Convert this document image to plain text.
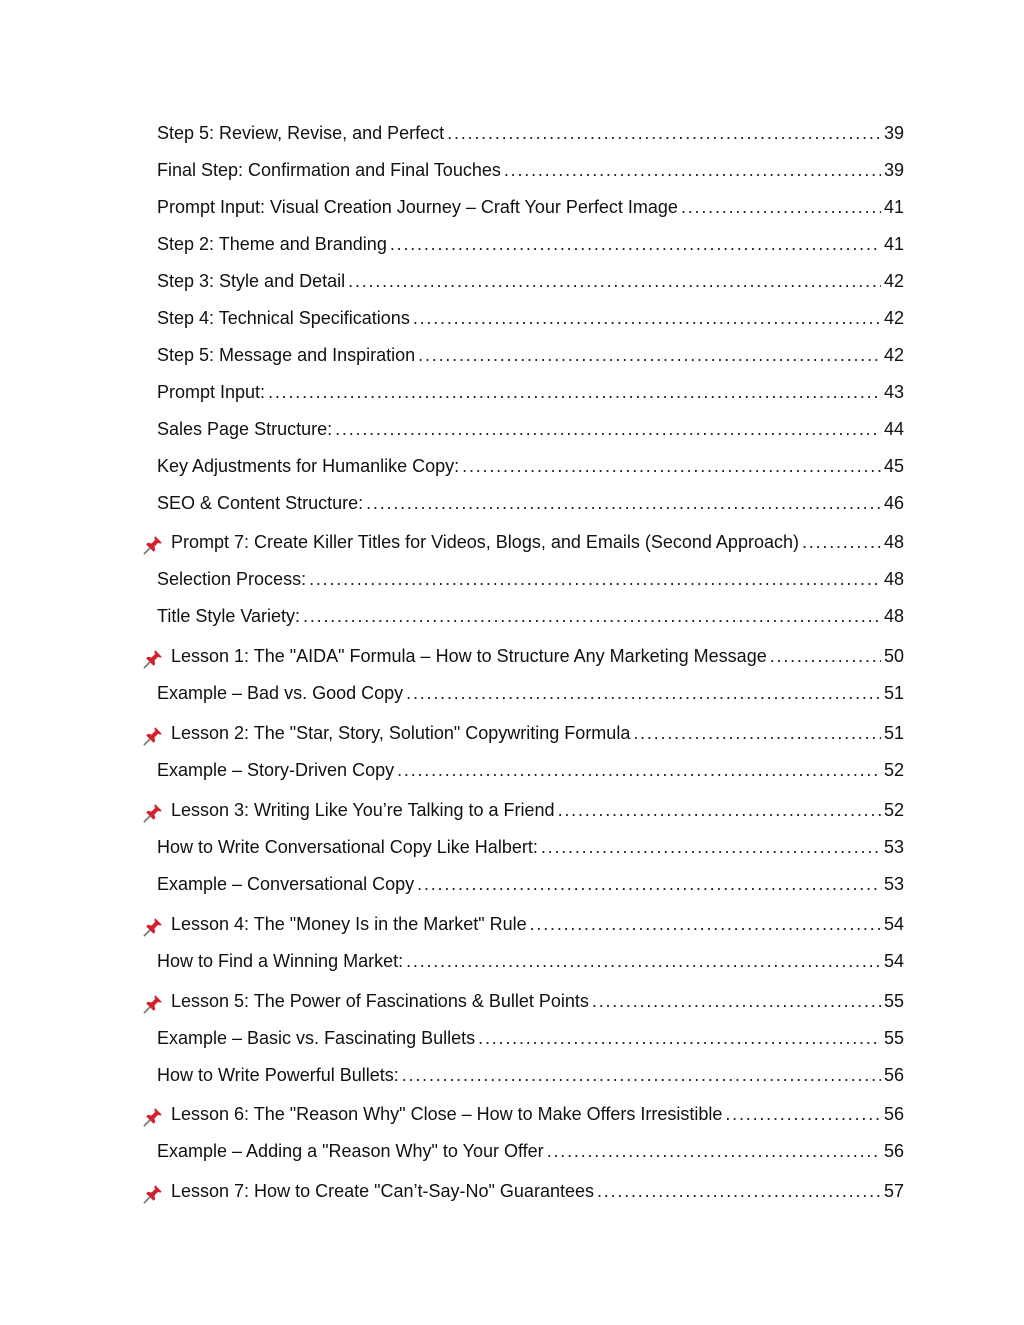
Step 5: Review, Revise, and Perfect . . .	39
Final Step: Confirmation and Final Touches . . .	39
Prompt Input: Visual Creation Journey – Craft Your Perfect Image . . .	41
Step 2: Theme and Branding . . .	41
Step 3: Style and Detail . . .	42
Step 4: Technical Specifications . . .	42
Step 5: Message and Inspiration . . .	42
Prompt Input: . . .	43
Sales Page Structure: . . .	44
Key Adjustments for Humanlike Copy: . . .	45
SEO & Content Structure: . . .	46
Prompt 7: Create Killer Titles for Videos, Blogs, and Emails (Second Approach) . . .	48
Selection Process: . . .	48
Title Style Variety: . . .	48
Lesson 1: The "AIDA" Formula – How to Structure Any Marketing Message . . .	50
Example – Bad vs. Good Copy . . .	51
Lesson 2: The "Star, Story, Solution" Copywriting Formula . . .	51
Example – Story-Driven Copy . . .	52
Lesson 3: Writing Like You’re Talking to a Friend . . .	52
How to Write Conversational Copy Like Halbert: . . .	53
Example – Conversational Copy . . .	53
Lesson 4: The "Money Is in the Market" Rule . . .	54
How to Find a Winning Market: . . .	54
Lesson 5: The Power of Fascinations & Bullet Points . . .	55
Example – Basic vs. Fascinating Bullets . . .	55
How to Write Powerful Bullets: . . .	56
Lesson 6: The "Reason Why" Close – How to Make Offers Irresistible . . .	56
Example – Adding a "Reason Why" to Your Offer . . .	56
Lesson 7: How to Create "Can’t-Say-No" Guarantees . . .	57
